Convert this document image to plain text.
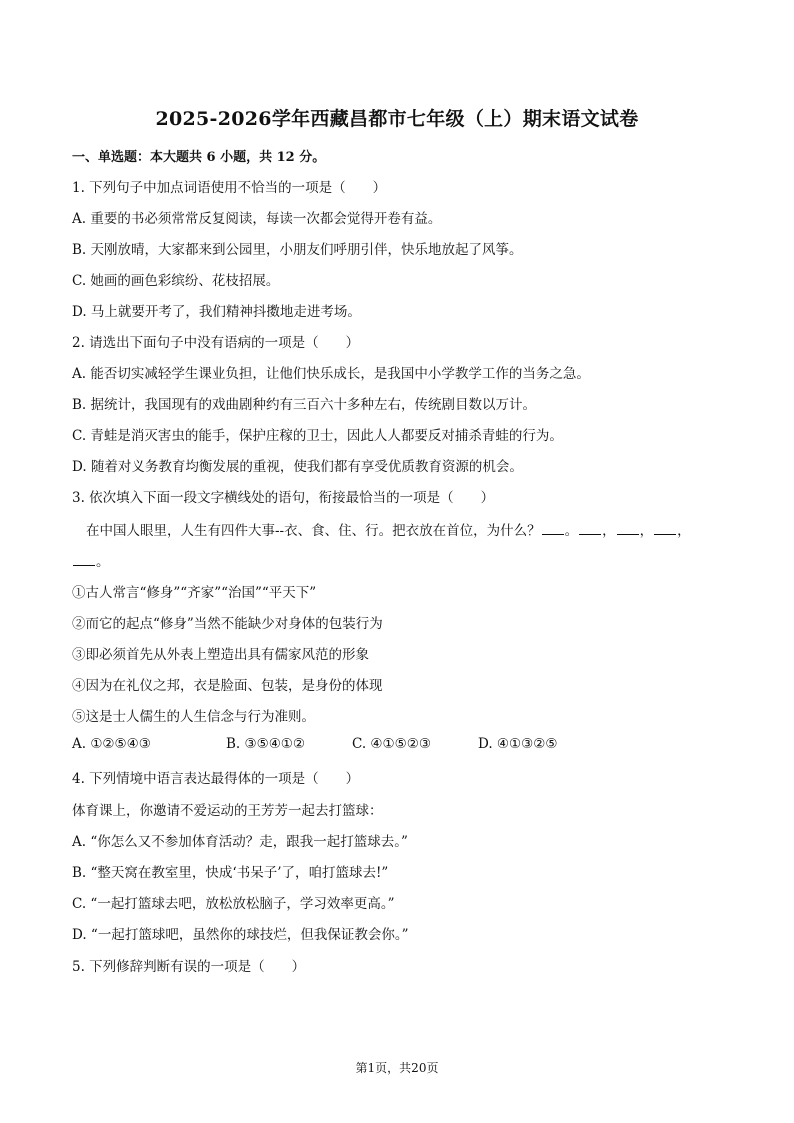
2025-2026学年西藏昌都市七年级（上）期末语文试卷
一、单选题：本大题共 6 小题，共 12 分。
1. 下列句子中加点词语使用不恰当的一项是（　　）
A. 重要的书必须常常反复阅读，每读一次都会觉得开卷有益。
B. 天刚放晴，大家都来到公园里，小朋友们呼朋引伴，快乐地放起了风筝。
C. 她画的画色彩缤纷、花枝招展。
D. 马上就要开考了，我们精神抖擞地走进考场。
2. 请选出下面句子中没有语病的一项是（　　）
A. 能否切实减轻学生课业负担，让他们快乐成长，是我国中小学教学工作的当务之急。
B. 据统计，我国现有的戏曲剧种约有三百六十多种左右，传统剧目数以万计。
C. 青蛙是消灭害虫的能手，保护庄稼的卫士，因此人人都要反对捕杀青蛙的行为。
D. 随着对义务教育均衡发展的重视，使我们都有享受优质教育资源的机会。
3. 依次填入下面一段文字横线处的语句，衔接最恰当的一项是（　　）
在中国人眼里，人生有四件大事--衣、食、住、行。把衣放在首位，为什么？ 。 ， ， ，
。
①古人常言“修身”“齐家”“治国”“平天下”
②而它的起点“修身”当然不能缺少对身体的包装行为
③即必须首先从外表上塑造出具有儒家风范的形象
④因为在礼仪之邦，衣是脸面、包装，是身份的体现
⑤这是士人儒生的人生信念与行为准则。
A. ①②⑤④③	B. ③⑤④①②	C. ④①⑤②③	D. ④①③②⑤
4. 下列情境中语言表达最得体的一项是（　　）
体育课上，你邀请不爱运动的王芳芳一起去打篮球：
A. “你怎么又不参加体育活动？走，跟我一起打篮球去。”
B. “整天窝在教室里，快成‘书呆子’了，咱打篮球去!”
C. “一起打篮球去吧，放松放松脑子，学习效率更高。”
D. “一起打篮球吧，虽然你的球技烂，但我保证教会你。”
5. 下列修辞判断有误的一项是（　　）
第1页，共20页
